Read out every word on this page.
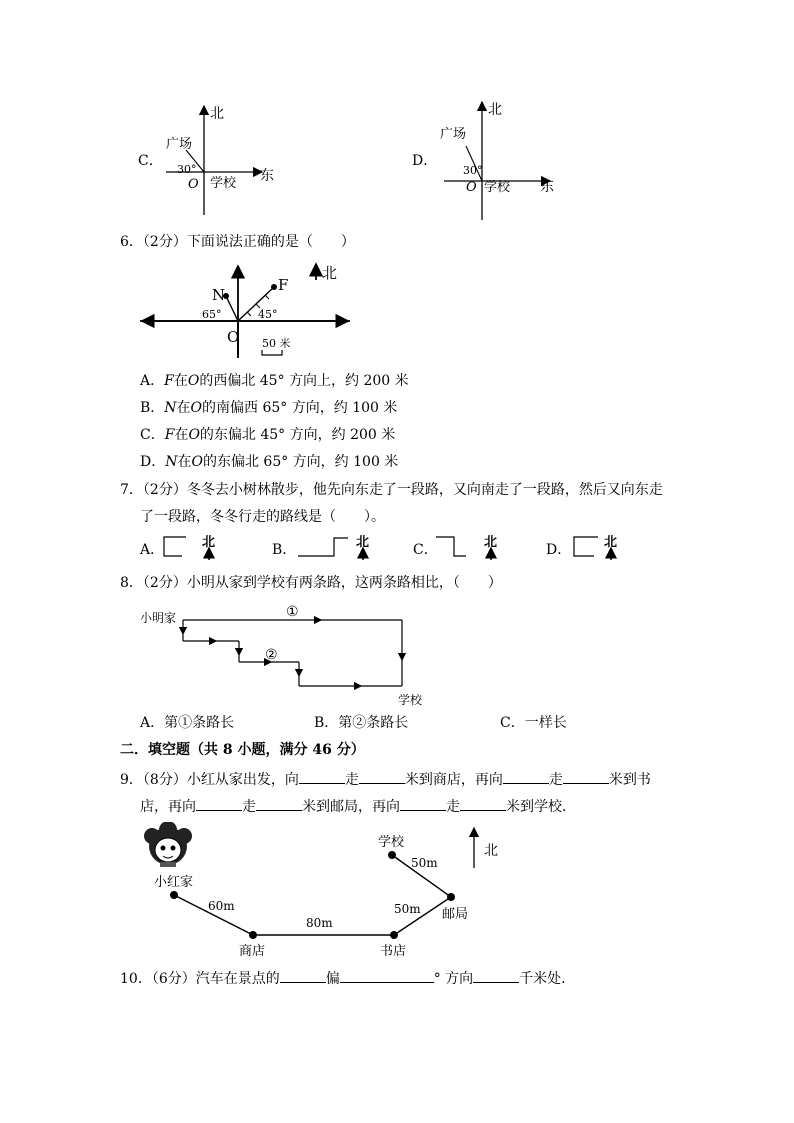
C．
北
东
广场
30°
O 学校
D．
北
东
广场
30°
O 学校
6．（2分）下面说法正确的是（　　）
N
F
O
65°	45°
50 米
北
A．F在O的西偏北 45° 方向上，约 200 米
B．N在O的南偏西 65° 方向，约 100 米
C．F在O的东偏北 45° 方向，约 200 米
D．N在O的东偏北 65° 方向，约 100 米
7．（2分）冬冬去小树林散步，他先向东走了一段路，又向南走了一段路，然后又向东走
了一段路，冬冬行走的路线是（　　）。
A．	北	B．	北	C．	北	D．	北
8．（2分）小明从家到学校有两条路，这两条路相比，（　　）
小明家	①
②
学校
A．第①条路长	B．第②条路长	C．一样长
二．填空题（共 8 小题，满分 46 分）
9．（8分）小红从家出发，向	走	米到商店，再向	走	米到书
店，再向	走	米到邮局，再向	走	米到学校．
小红家
60m
80m
50m
50m
商店	书店
邮局
学校
北
10．（6分）汽车在景点的	偏	° 方向	千米处．
